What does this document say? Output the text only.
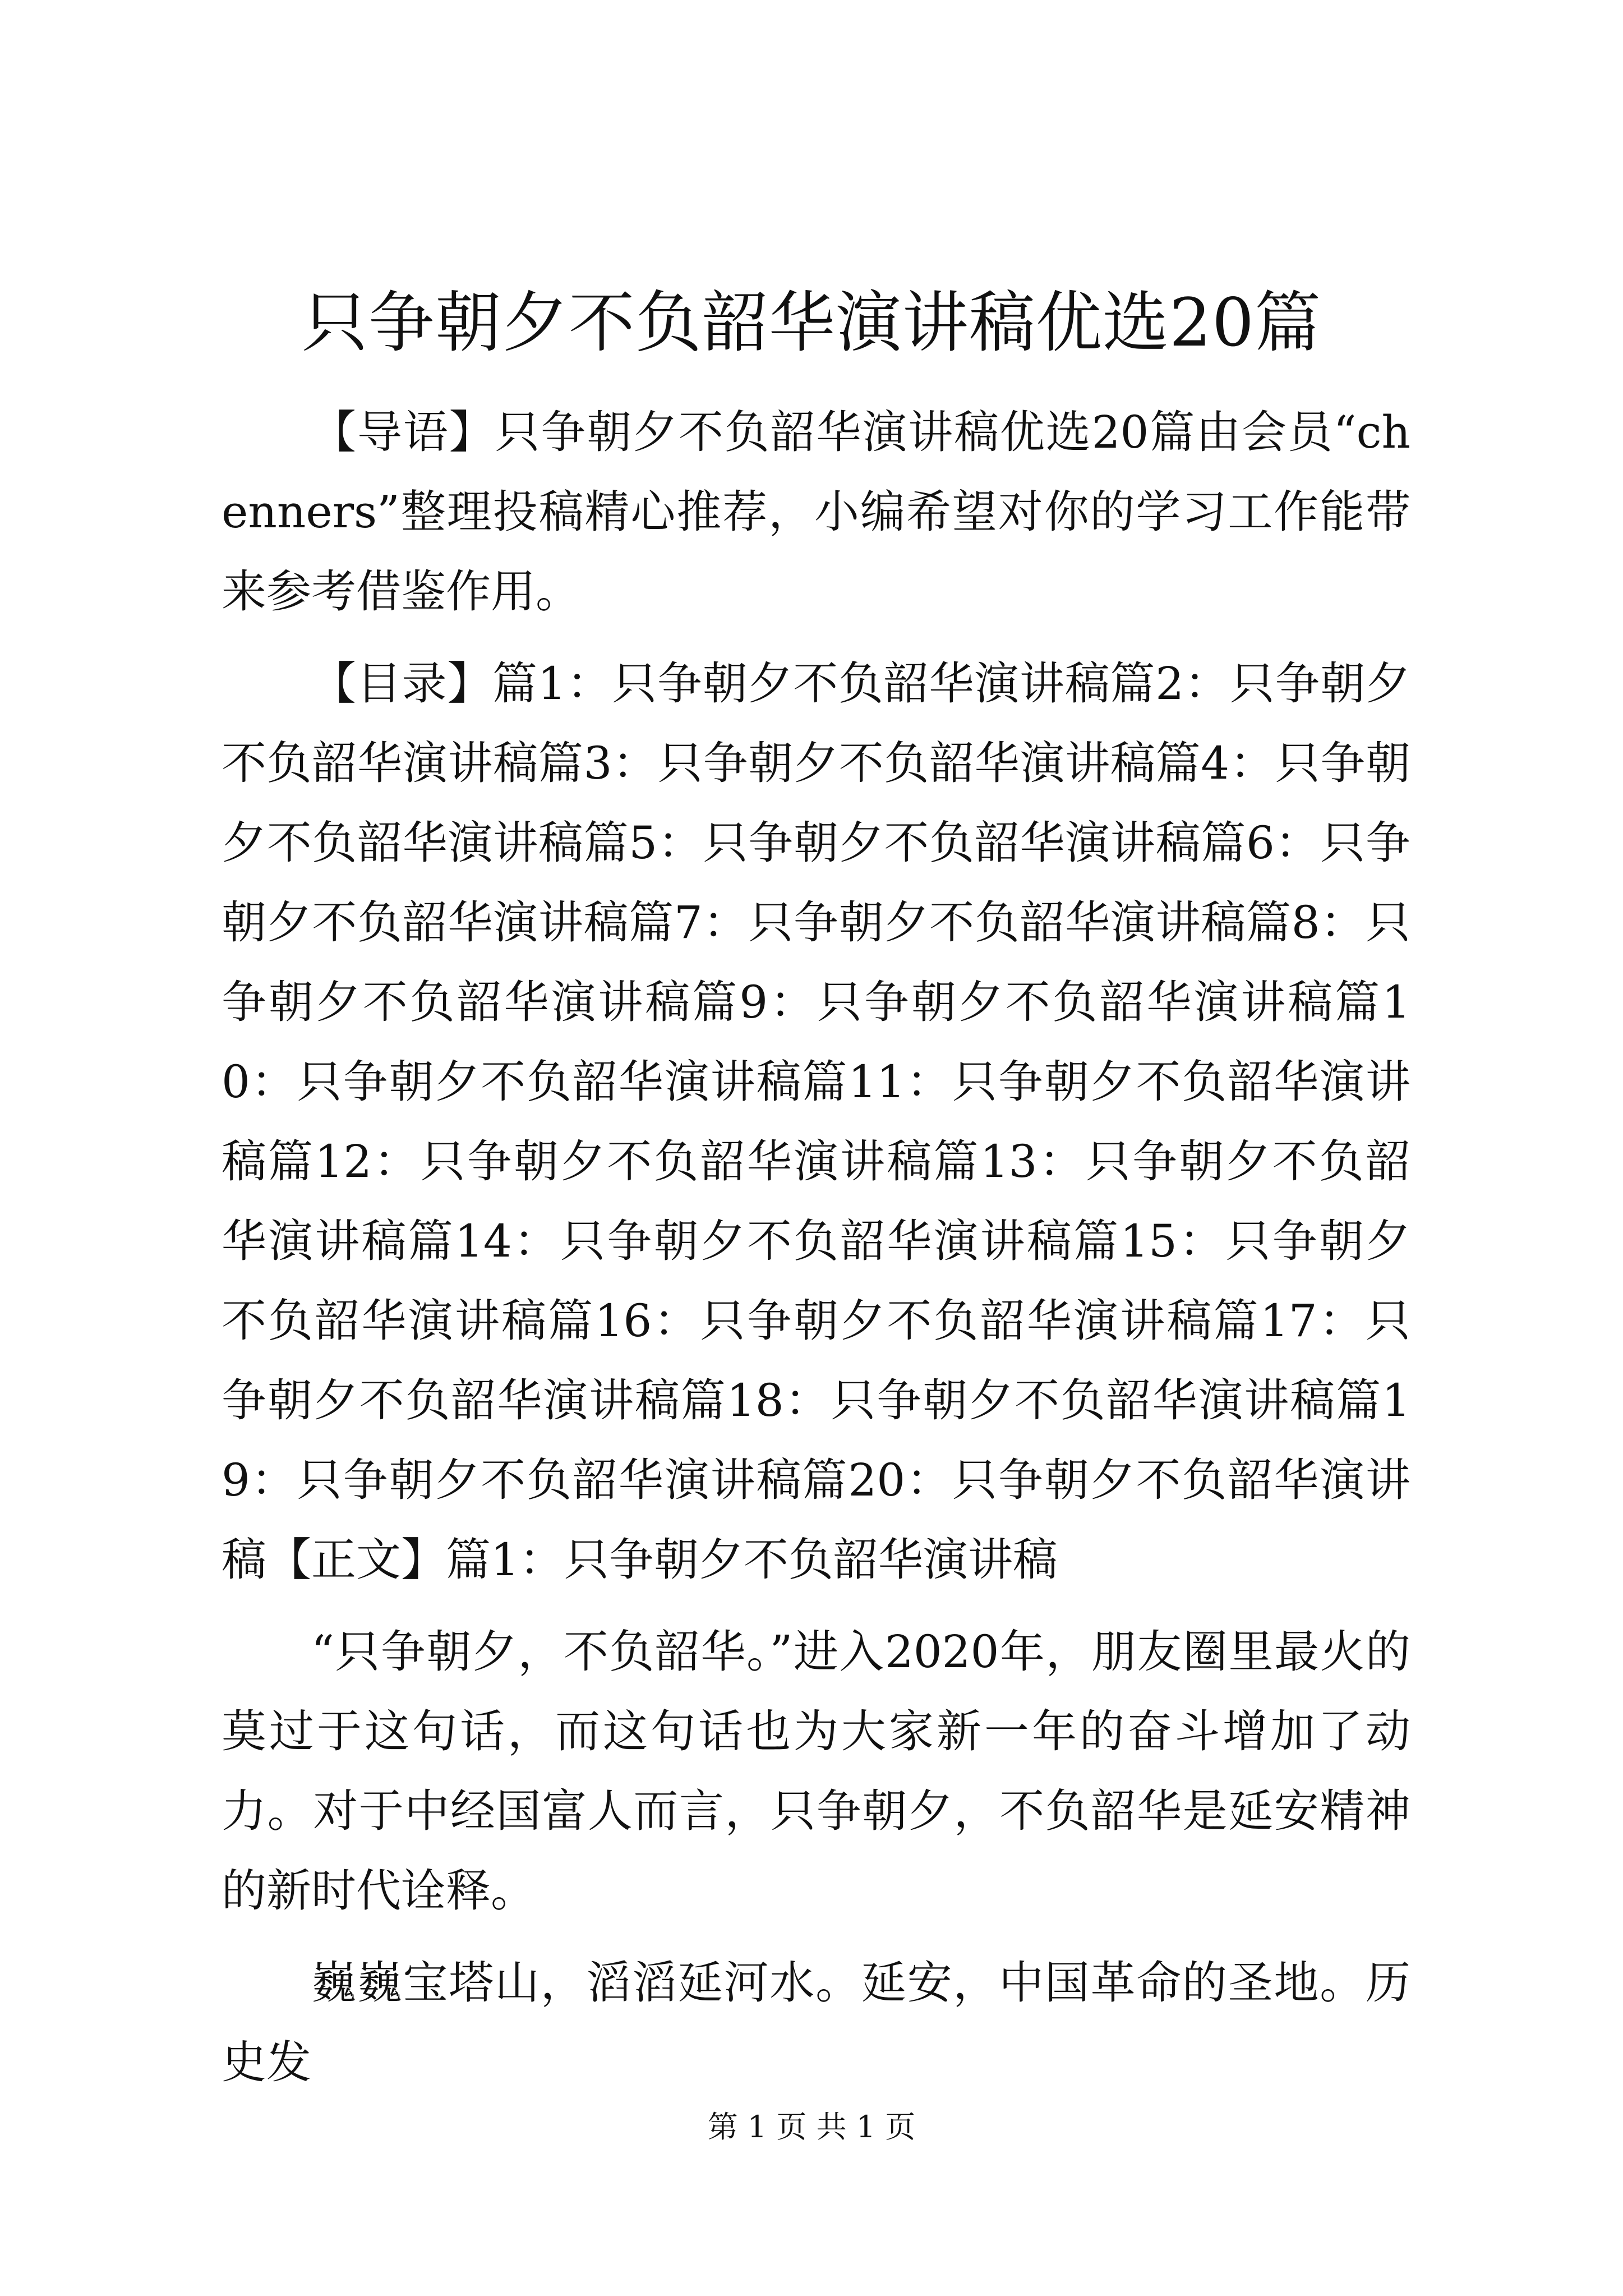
只争朝夕不负韶华演讲稿优选20篇

【导语】只争朝夕不负韶华演讲稿优选20篇由会员“chenners”整理投稿精心推荐，小编希望对你的学习工作能带来参考借鉴作用。

【目录】篇1：只争朝夕不负韶华演讲稿篇2：只争朝夕不负韶华演讲稿篇3：只争朝夕不负韶华演讲稿篇4：只争朝夕不负韶华演讲稿篇5：只争朝夕不负韶华演讲稿篇6：只争朝夕不负韶华演讲稿篇7：只争朝夕不负韶华演讲稿篇8：只争朝夕不负韶华演讲稿篇9：只争朝夕不负韶华演讲稿篇10：只争朝夕不负韶华演讲稿篇11：只争朝夕不负韶华演讲稿篇12：只争朝夕不负韶华演讲稿篇13：只争朝夕不负韶华演讲稿篇14：只争朝夕不负韶华演讲稿篇15：只争朝夕不负韶华演讲稿篇16：只争朝夕不负韶华演讲稿篇17：只争朝夕不负韶华演讲稿篇18：只争朝夕不负韶华演讲稿篇19：只争朝夕不负韶华演讲稿篇20：只争朝夕不负韶华演讲稿【正文】篇1：只争朝夕不负韶华演讲稿

“只争朝夕，不负韶华。”进入2020年，朋友圈里最火的莫过于这句话，而这句话也为大家新一年的奋斗增加了动力。对于中经国富人而言，只争朝夕，不负韶华是延安精神的新时代诠释。

巍巍宝塔山，滔滔延河水。延安，中国革命的圣地。历史发

第 1 页 共 1 页
